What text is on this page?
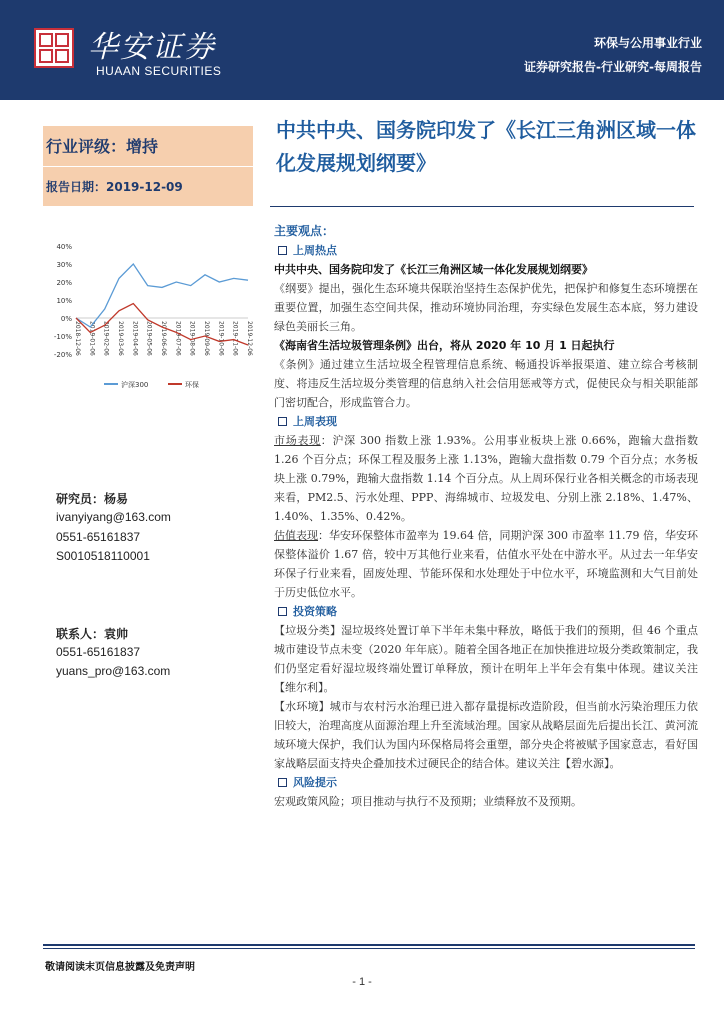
华安证券
HUAAN SECURITIES
环保与公用事业行业
证券研究报告-行业研究-每周报告
行业评级：增持
报告日期：2019-12-09
中共中央、国务院印发了《长江三角洲区域一体化发展规划纲要》
40%
30%
20%
10%
0%
-10%
-20% 2018-12-06 2019-01-06 2019-02-06 2019-03-06 2019-04-06 2019-05-06 2019-06-06 2019-07-06 2019-08-06 2019-09-06 2019-10-06 2019-11-06 2019-12-06
沪深300	环保
研究员：杨易
ivanyiyang@163.com
0551-65161837
S0010518110001
联系人：袁帅
0551-65161837
yuans_pro@163.com
主要观点：
上周热点

中共中央、国务院印发了《长江三角洲区域一体化发展规划纲要》

《纲要》提出，强化生态环境共保联治坚持生态保护优先，把保护和修复生态环境摆在重要位置，加强生态空间共保，推动环境协同治理，夯实绿色发展生态本底，努力建设绿色美丽长三角。

《海南省生活垃圾管理条例》出台，将从 2020 年 10 月 1 日起执行

《条例》通过建立生活垃圾全程管理信息系统、畅通投诉举报渠道、建立综合考核制度、将违反生活垃圾分类管理的信息纳入社会信用惩戒等方式，促使民众与相关职能部门密切配合，形成监管合力。

上周表现

市场表现：沪深 300 指数上涨 1.93%。公用事业板块上涨 0.66%，跑输大盘指数 1.26 个百分点；环保工程及服务上涨 1.13%，跑输大盘指数 0.79 个百分点；水务板块上涨 0.79%，跑输大盘指数 1.14 个百分点。从上周环保行业各相关概念的市场表现来看，PM2.5、污水处理、PPP、海绵城市、垃圾发电、分别上涨 2.18%、1.47%、1.40%、1.35%、0.42%。

估值表现：华安环保整体市盈率为 19.64 倍，同期沪深 300 市盈率 11.79 倍，华安环保整体溢价 1.67 倍，较中万其他行业来看，估值水平处在中游水平。从过去一年华安环保子行业来看，固废处理、节能环保和水处理处于中位水平，环境监测和大气目前处于历史低位水平。

投资策略

【垃圾分类】湿垃圾终处置订单下半年未集中释放，略低于我们的预期，但 46 个重点城市建设节点未变（2020 年年底）。随着全国各地正在加快推进垃圾分类政策制定，我们仍坚定看好湿垃圾终端处置订单释放，预计在明年上半年会有集中体现。建议关注【维尔利】。

【水环境】城市与农村污水治理已进入都存量提标改造阶段，但当前水污染治理压力依旧较大，治理高度从面源治理上升至流域治理。国家从战略层面先后提出长江、黄河流域环境大保护，我们认为国内环保格局将会重塑，部分央企将被赋予国家意志，看好国家战略层面支持央企叠加技术过硬民企的结合体。建议关注【碧水源】。

风险提示

宏观政策风险；项目推动与执行不及预期；业绩释放不及预期。

敬请阅读末页信息披露及免责声明
- 1 -
